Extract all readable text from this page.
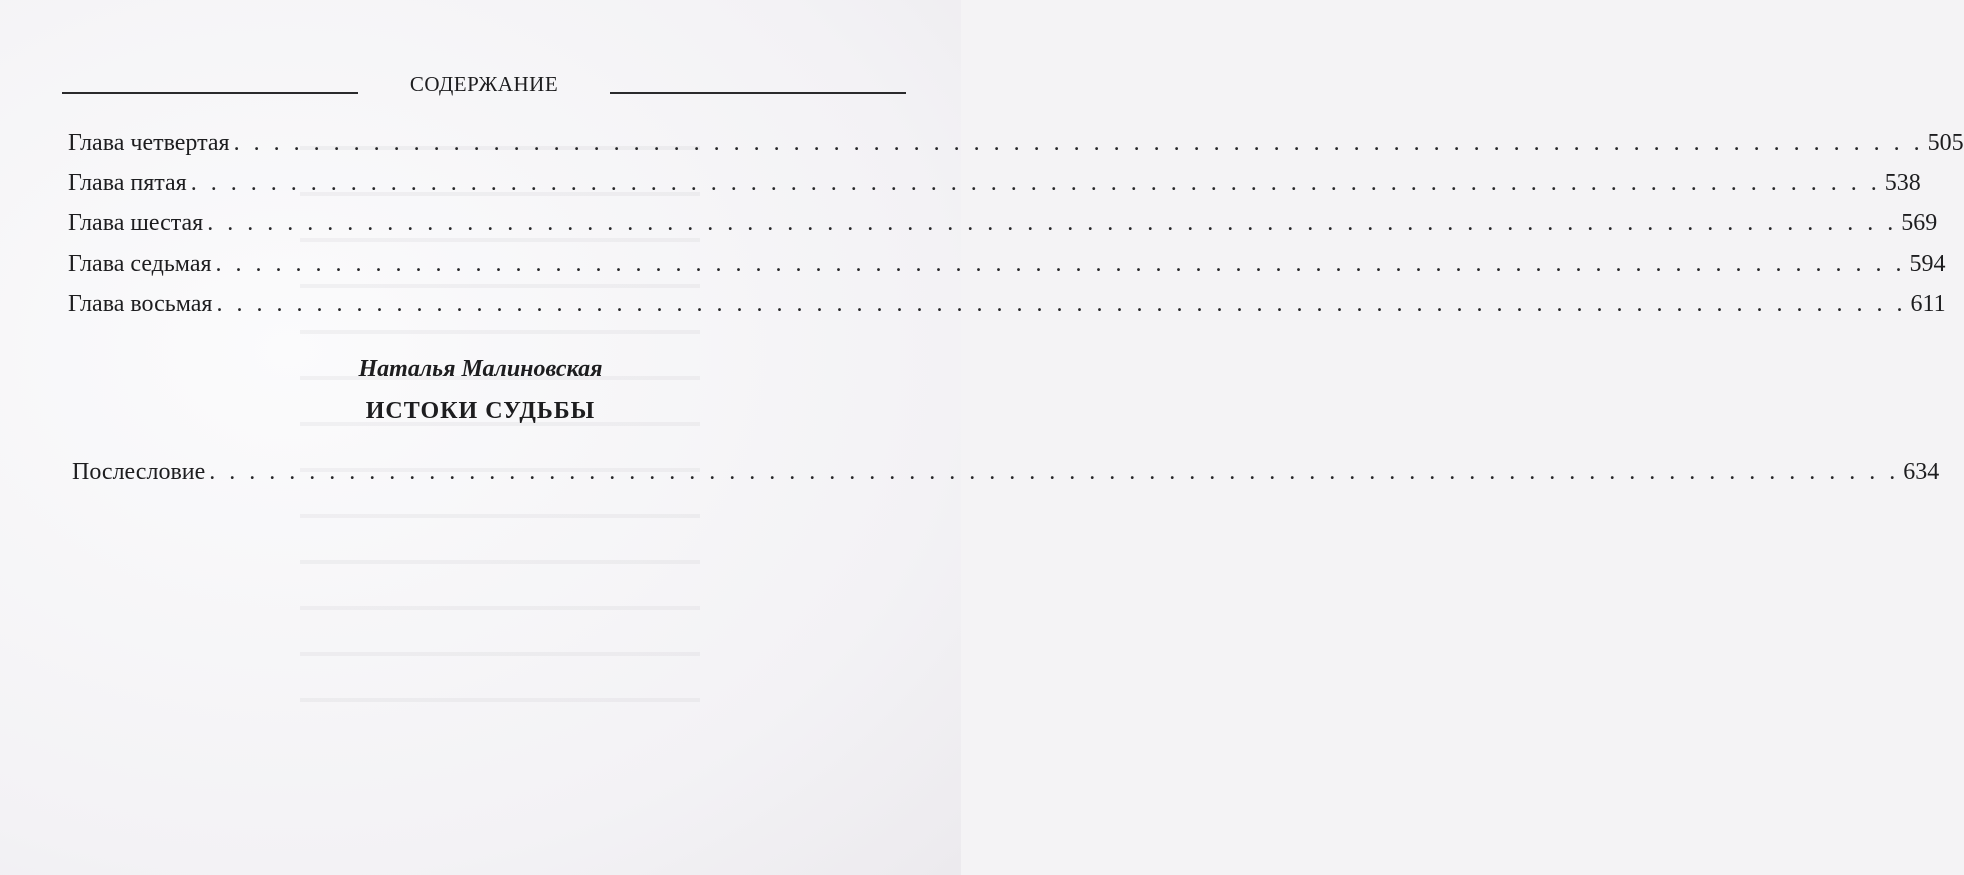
СОДЕРЖАНИЕ
Глава четвертая . . . . . . . . . . . . . . . . . . . . . . . . . . . . . . . . . . . . . . . . . . . . . . . . . . . . . . . . . . . . . . . . . . . . . . . . . . . . . . . . . . . . . 505
Глава пятая . . . . . . . . . . . . . . . . . . . . . . . . . . . . . . . . . . . . . . . . . . . . . . . . . . . . . . . . . . . . . . . . . . . . . . . . . . . . . . . . . . . . . 538
Глава шестая . . . . . . . . . . . . . . . . . . . . . . . . . . . . . . . . . . . . . . . . . . . . . . . . . . . . . . . . . . . . . . . . . . . . . . . . . . . . . . . . . . . . . 569
Глава седьмая . . . . . . . . . . . . . . . . . . . . . . . . . . . . . . . . . . . . . . . . . . . . . . . . . . . . . . . . . . . . . . . . . . . . . . . . . . . . . . . . . . . . . 594
Глава восьмая . . . . . . . . . . . . . . . . . . . . . . . . . . . . . . . . . . . . . . . . . . . . . . . . . . . . . . . . . . . . . . . . . . . . . . . . . . . . . . . . . . . . . 611
Наталья Малиновская
ИСТОКИ СУДЬБЫ
Послесловие . . . . . . . . . . . . . . . . . . . . . . . . . . . . . . . . . . . . . . . . . . . . . . . . . . . . . . . . . . . . . . . . . . . . . . . . . . . . . . . . . . . . . 634
